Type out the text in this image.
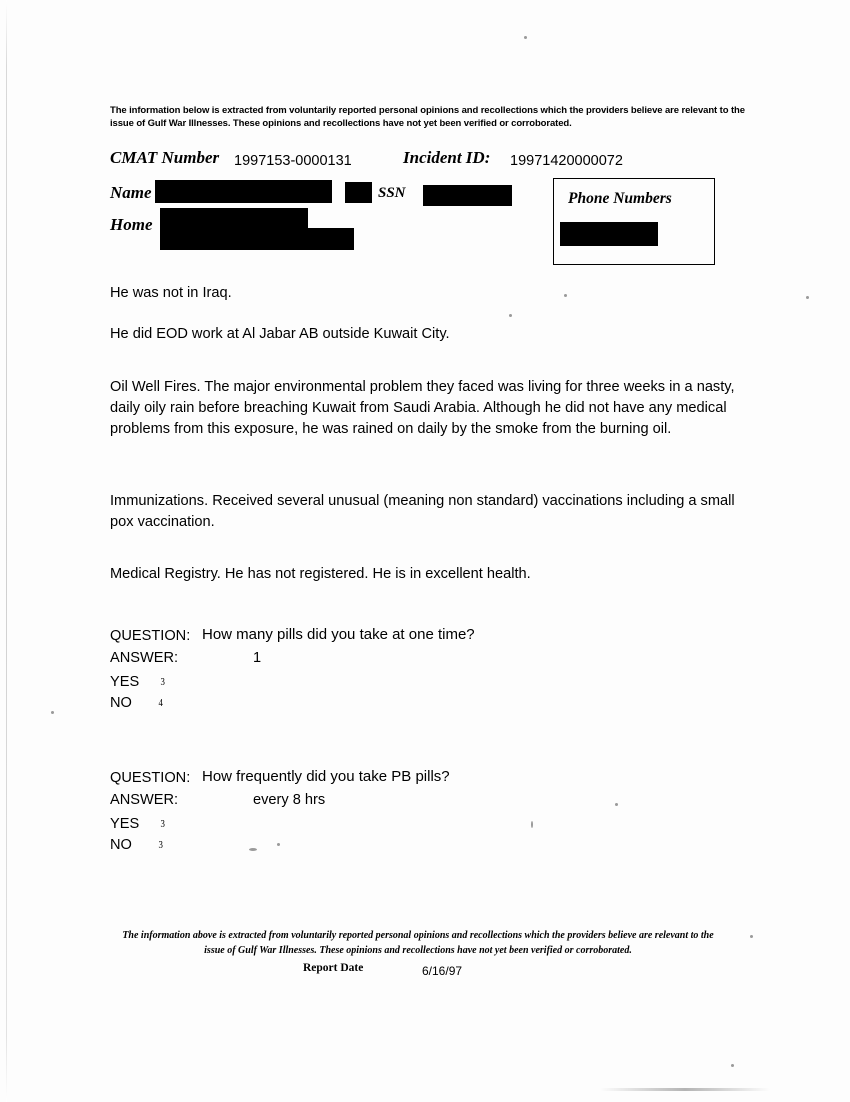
The information below is extracted from voluntarily reported personal opinions and recollections which the providers believe are relevant to the issue of Gulf War Illnesses. These opinions and recollections have not yet been verified or corroborated.
CMAT Number 1997153-0000131	Incident ID: 19971420000072
Name
Home
SSN	Phone Numbers
He was not in Iraq.
He did EOD work at Al Jabar AB outside Kuwait City.
Oil Well Fires. The major environmental problem they faced was living for three weeks in a nasty, daily oily rain before breaching Kuwait from Saudi Arabia. Although he did not have any medical problems from this exposure, he was rained on daily by the smoke from the burning oil.
Immunizations. Received several unusual (meaning non standard) vaccinations including a small pox vaccination.
Medical Registry. He has not registered. He is in excellent health.
QUESTION: How many pills did you take at one time?
ANSWER:	1
YES 3
NO 4
QUESTION: How frequently did you take PB pills?
ANSWER:	every 8 hrs
YES 3
NO 3
The information above is extracted from voluntarily reported personal opinions and recollections which the providers believe are relevant to the issue of Gulf War Illnesses. These opinions and recollections have not yet been verified or corroborated.
Report Date	6/16/97
